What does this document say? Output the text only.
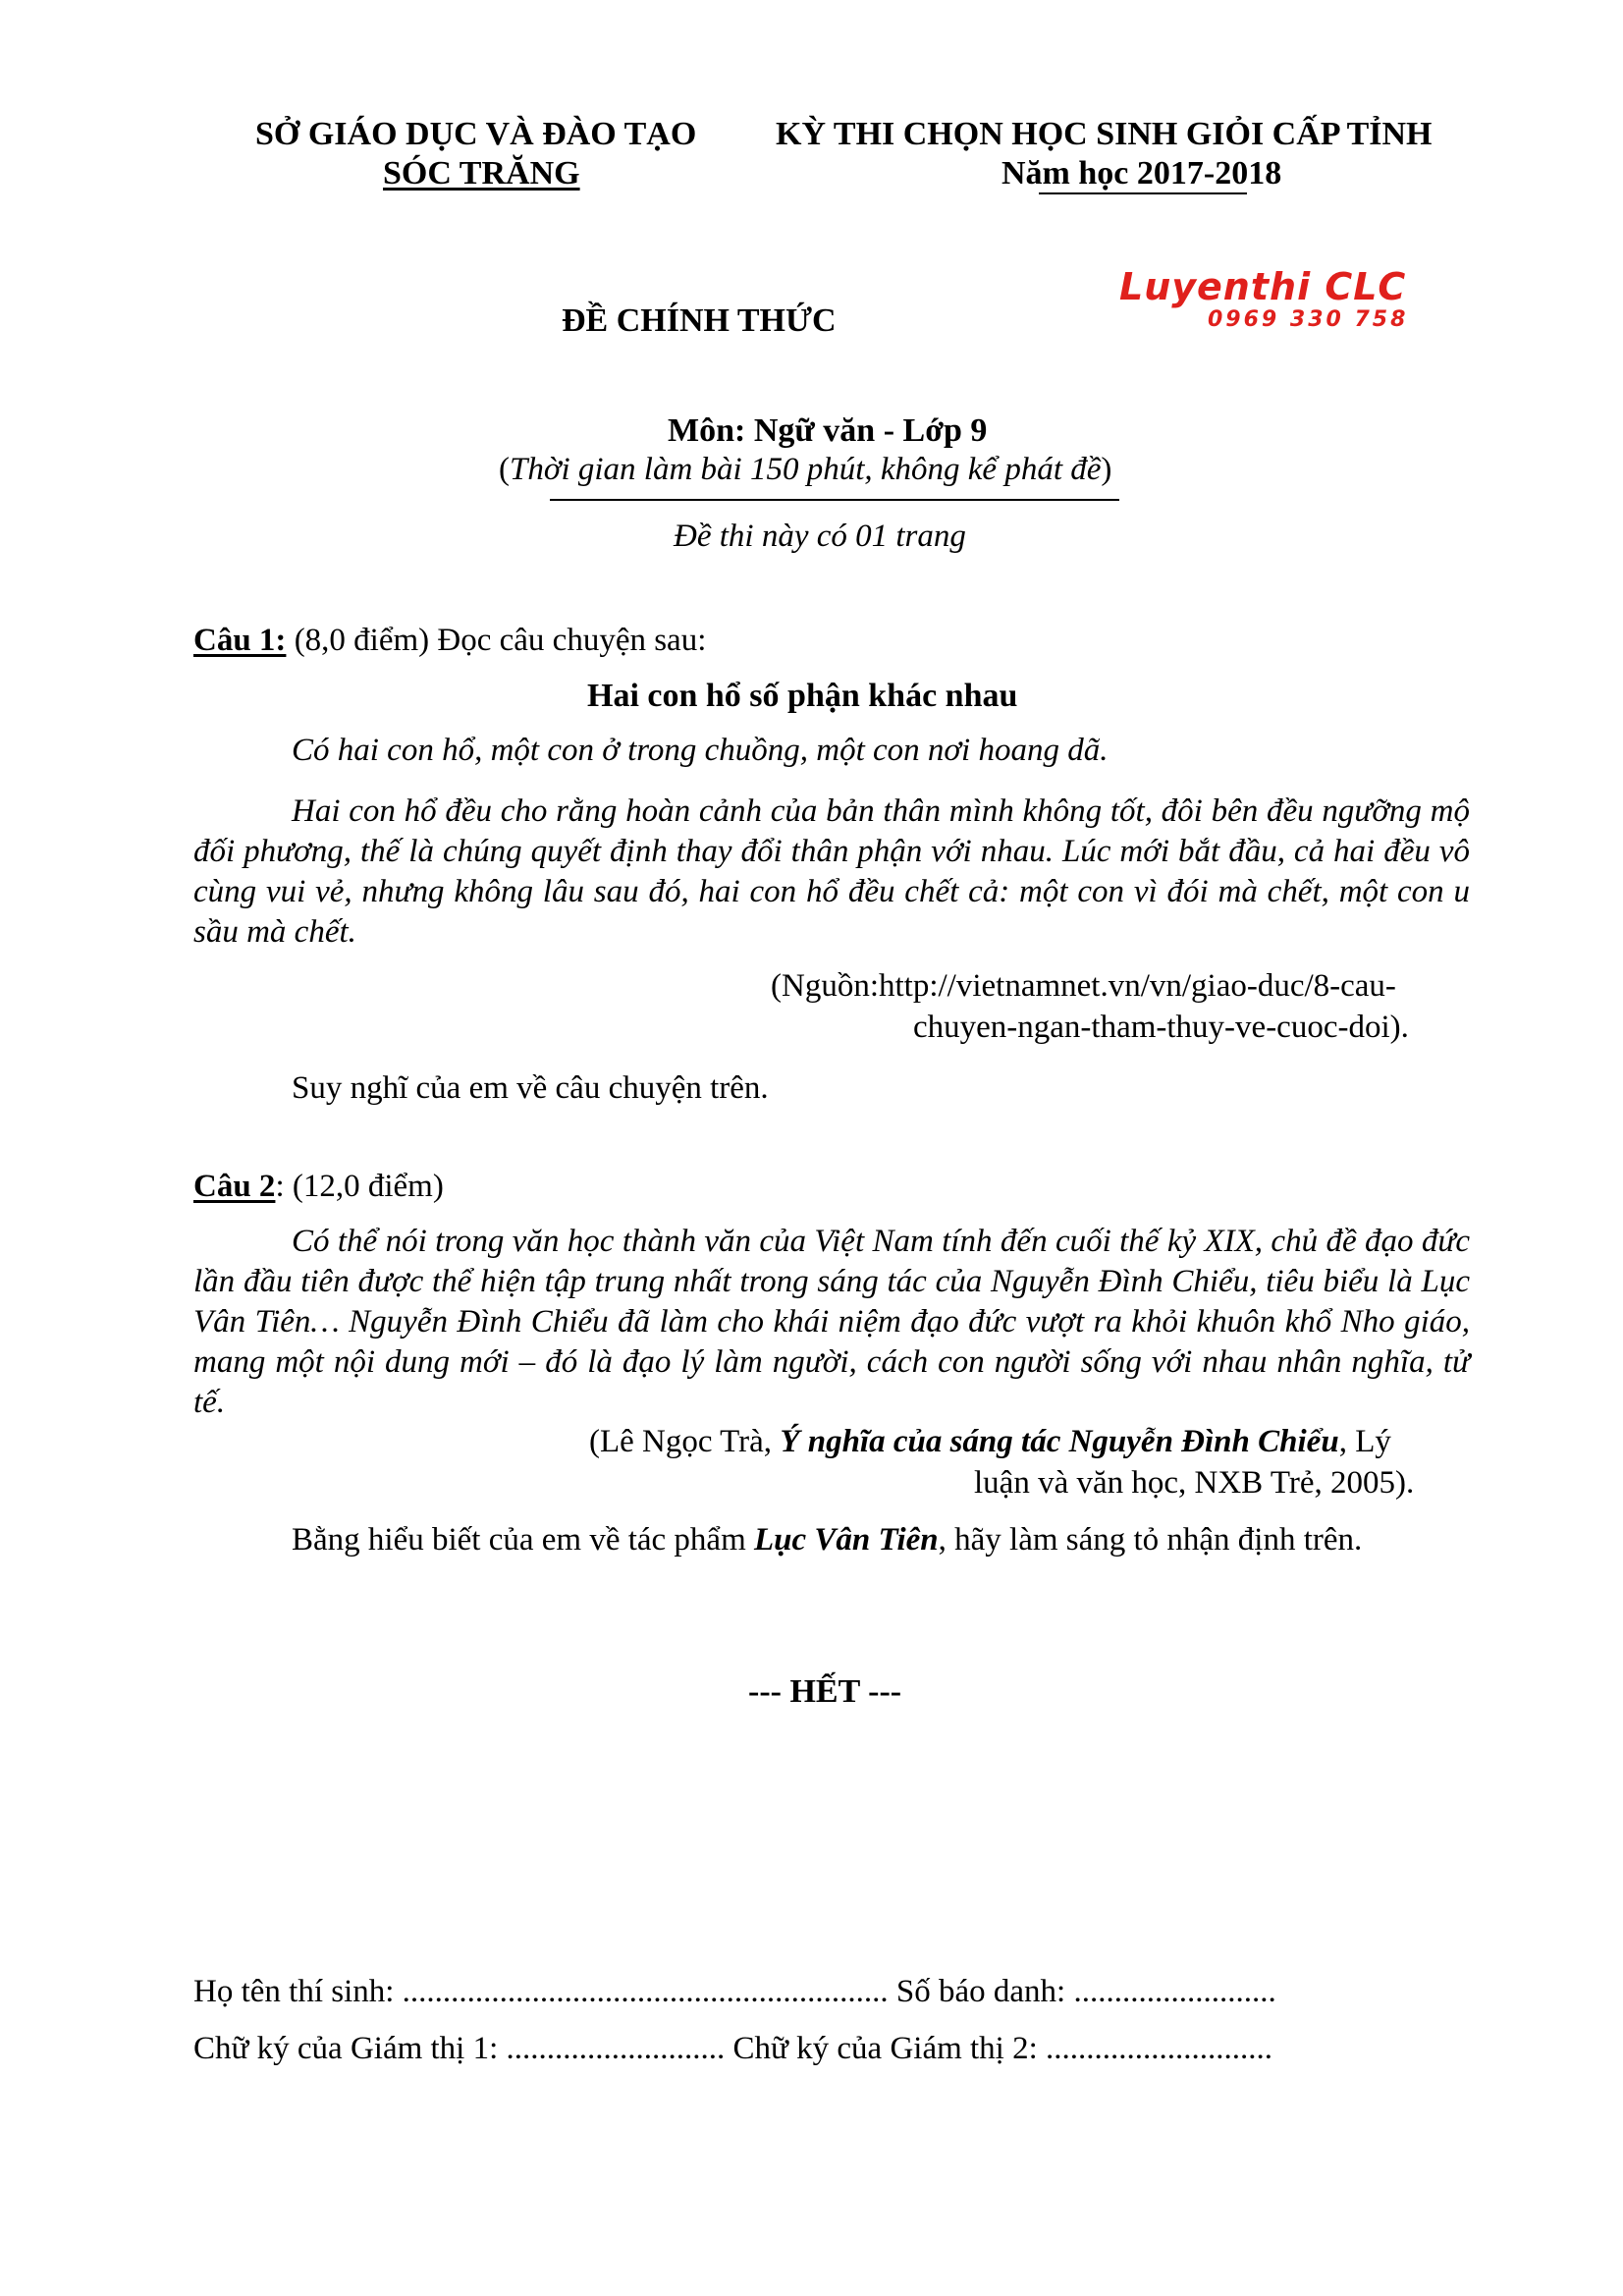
SỞ GIÁO DỤC VÀ ĐÀO TẠO
SÓC TRĂNG
KỲ THI CHỌN HỌC SINH GIỎI CẤP TỈNH
Năm học 2017-2018
ĐỀ CHÍNH THỨC
Luyenthi CLC
0969 330 758
Môn: Ngữ văn - Lớp 9
(Thời gian làm bài 150 phút, không kể phát đề)
Đề thi này có 01 trang
Câu 1: (8,0 điểm) Đọc câu chuyện sau:
Hai con hổ số phận khác nhau
Có hai con hổ, một con ở trong chuồng, một con nơi hoang dã.
Hai con hổ đều cho rằng hoàn cảnh của bản thân mình không tốt, đôi bên đều ngưỡng mộ đối phương, thế là chúng quyết định thay đổi thân phận với nhau. Lúc mới bắt đầu, cả hai đều vô cùng vui vẻ, nhưng không lâu sau đó, hai con hổ đều chết cả: một con vì đói mà chết, một con u sầu mà chết.
(Nguồn:http://vietnamnet.vn/vn/giao-duc/8-cau-
chuyen-ngan-tham-thuy-ve-cuoc-doi).
Suy nghĩ của em về câu chuyện trên.
Câu 2: (12,0 điểm)
Có thể nói trong văn học thành văn của Việt Nam tính đến cuối thế kỷ XIX, chủ đề đạo đức lần đầu tiên được thể hiện tập trung nhất trong sáng tác của Nguyễn Đình Chiểu, tiêu biểu là Lục Vân Tiên… Nguyễn Đình Chiểu đã làm cho khái niệm đạo đức vượt ra khỏi khuôn khổ Nho giáo, mang một nội dung mới – đó là đạo lý làm người, cách con người sống với nhau nhân nghĩa, tử tế.
(Lê Ngọc Trà, Ý nghĩa của sáng tác Nguyễn Đình Chiểu, Lý
luận và văn học, NXB Trẻ, 2005).
Bằng hiểu biết của em về tác phẩm Lục Vân Tiên, hãy làm sáng tỏ nhận định trên.
--- HẾT ---
Họ tên thí sinh: ............................................................ Số báo danh: .........................
Chữ ký của Giám thị 1: ........................... Chữ ký của Giám thị 2: ............................
